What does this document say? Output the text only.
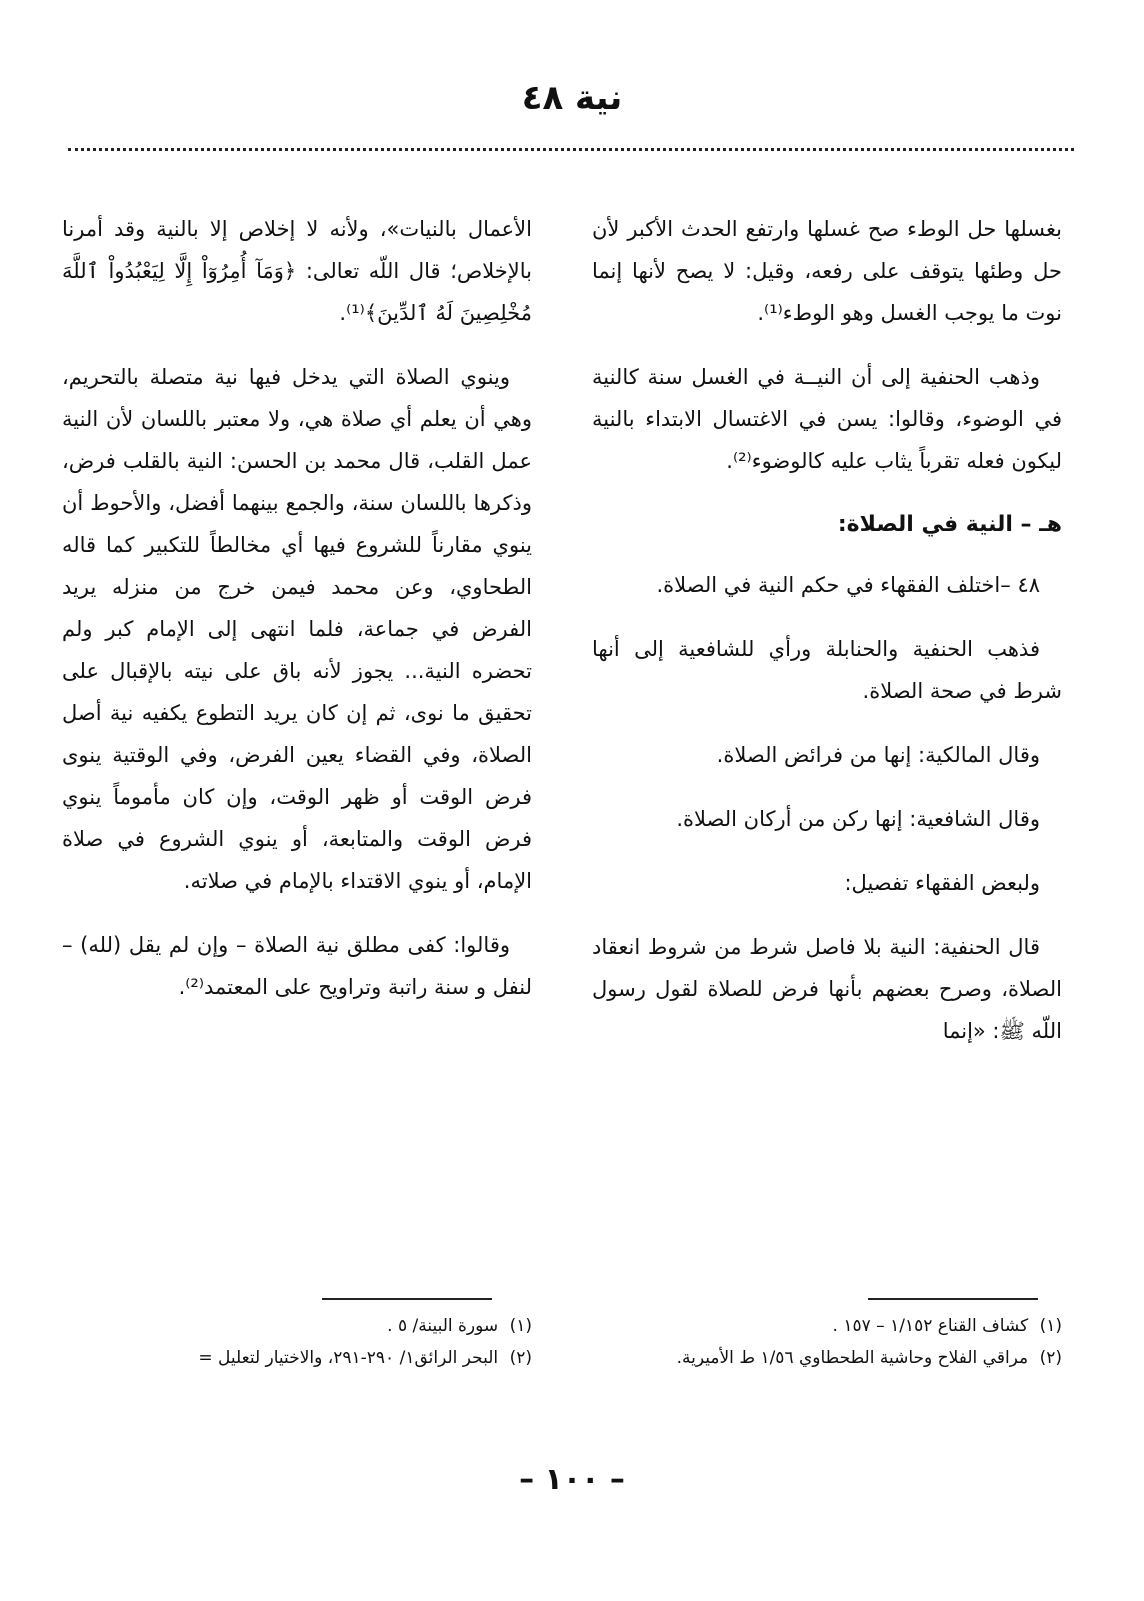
نية ٤٨

بغسلها حل الوطء صح غسلها وارتفع الحدث الأكبر لأن حل وطئها يتوقف على رفعه، وقيل: لا يصح لأنها إنما نوت ما يوجب الغسل وهو الوطء⁽¹⁾.

وذهب الحنفية إلى أن النيــة في الغسل سنة كالنية في الوضوء، وقالوا: يسن في الاغتسال الابتداء بالنية ليكون فعله تقرباً يثاب عليه كالوضوء⁽²⁾.

هـ – النية في الصلاة:

٤٨ –اختلف الفقهاء في حكم النية في الصلاة.

فذهب الحنفية والحنابلة ورأي للشافعية إلى أنها شرط في صحة الصلاة.

وقال المالكية: إنها من فرائض الصلاة.

وقال الشافعية: إنها ركن من أركان الصلاة.

ولبعض الفقهاء تفصيل:

قال الحنفية: النية بلا فاصل شرط من شروط انعقاد الصلاة، وصرح بعضهم بأنها فرض للصلاة لقول رسول اللّه ﷺ: «إنما

الأعمال بالنيات»، ولأنه لا إخلاص إلا بالنية وقد أمرنا بالإخلاص؛ قال اللّه تعالى: ﴿وَمَآ أُمِرُوٓاْ إِلَّا لِيَعْبُدُواْ ٱللَّهَ مُخْلِصِينَ لَهُ ٱلدِّينَ﴾⁽¹⁾.

وينوي الصلاة التي يدخل فيها نية متصلة بالتحريم، وهي أن يعلم أي صلاة هي، ولا معتبر باللسان لأن النية عمل القلب، قال محمد بن الحسن: النية بالقلب فرض، وذكرها باللسان سنة، والجمع بينهما أفضل، والأحوط أن ينوي مقارناً للشروع فيها أي مخالطاً للتكبير كما قاله الطحاوي، وعن محمد فيمن خرج من منزله يريد الفرض في جماعة، فلما انتهى إلى الإمام كبر ولم تحضره النية... يجوز لأنه باق على نيته بالإقبال على تحقيق ما نوى، ثم إن كان يريد التطوع يكفيه نية أصل الصلاة، وفي القضاء يعين الفرض، وفي الوقتية ينوى فرض الوقت أو ظهر الوقت، وإن كان مأموماً ينوي فرض الوقت والمتابعة، أو ينوي الشروع في صلاة الإمام، أو ينوي الاقتداء بالإمام في صلاته.

وقالوا: كفى مطلق نية الصلاة – وإن لم يقل (لله) – لنفل و سنة راتبة وتراويح على المعتمد⁽²⁾.

(١) كشاف القناع ١/١٥٢ – ١٥٧ .
(٢) مراقي الفلاح وحاشية الطحطاوي ١/٥٦ ط الأميرية.
(١) سورة البينة/ ٥ .
(٢) البحر الرائق١/ ٢٩٠-٢٩١، والاختيار لتعليل =
– ١٠٠ –
